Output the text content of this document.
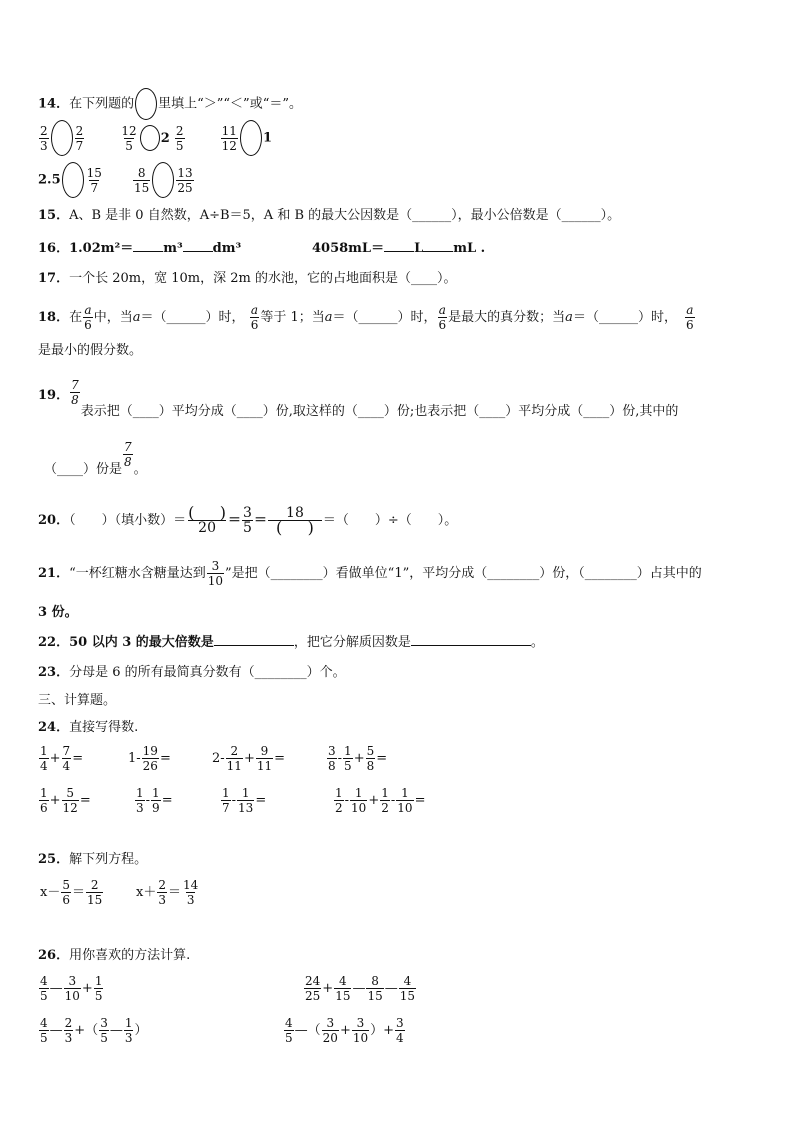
14．在下列题的 里填上“＞”“＜”或“＝”。
$\frac{2}{3} \frac{2}{7}$
	$\frac{12}{5} 2 \frac{2}{5}$
	$\frac{11}{12} 1$
$2.5 \frac{15}{7}$
	$\frac{8}{15} \frac{13}{25}$
15．A、B 是非 0 自然数，A÷B＝5，A 和 B 的最大公因数是（______），最小公倍数是（______）。
16．1.02m²＝ m³ dm³	4058mL＝ L mL .
17．一个长 20m，宽 10m，深 2m 的水池，它的占地面积是（____）。
18．在 $\frac{a}{6}$ 中，当a＝（______）时， $\frac{a}{6}$ 等于 1；当a＝（______）时， $\frac{a}{6}$ 是最大的真分数；当a＝（______）时， $\frac{a}{6}$
是最小的假分数。
19． $\frac{7}{8}$
表示把（____）平均分成（____）份,取这样的（____）份;也表示把（____）平均分成（____）份,其中的
（____）份是
$\frac{7}{8}$
。
20．（　　）（填小数）＝ (     )
$20 = \frac{3}{5} = 18$
(     ) ＝（　　）÷（　　）。
21．“一杯红糖水含糖量达到 $\frac{3}{10}$ ”是把（________）看做单位“1”，平均分成（________）份，（________）占其中的
3 份。
22．50 以内 3 的最大倍数是	，把它分解质因数是	。
23．分母是 6 的所有最简真分数有（________）个。
三、计算题。
24．直接写得数.
$\frac{1}{4} + \frac{7}{4}$ =	$1- \frac{19}{26}$ =	$2- \frac{2}{11} + \frac{9}{11}$ =	$\frac{3}{8} - \frac{1}{5} + \frac{5}{8}$ =
$\frac{1}{6} + \frac{5}{12}$ =	$\frac{1}{3} - \frac{1}{9}$ =	$\frac{1}{7} - \frac{1}{13}$ =	$\frac{1}{2} - \frac{1}{10} + \frac{1}{2} - \frac{1}{10}$ =
25．解下列方程。
$x- \frac{5}{6} = \frac{2}{15}$	$x+ \frac{2}{3} = \frac{14}{3}$
26．用你喜欢的方法计算.
$\frac{4}{5}$ — $\frac{3}{10} + \frac{1}{5}$	$\frac{24}{25} + \frac{4}{15}$ — $\frac{8}{15}$ — $\frac{4}{15}$
$\frac{4}{5}$ — $\frac{2}{3}$ +（ $\frac{3}{5}$ — $\frac{1}{3}$ ）	$\frac{4}{5}$ —（ $\frac{3}{20} + \frac{3}{10}$ ）+ $\frac{3}{4}$
